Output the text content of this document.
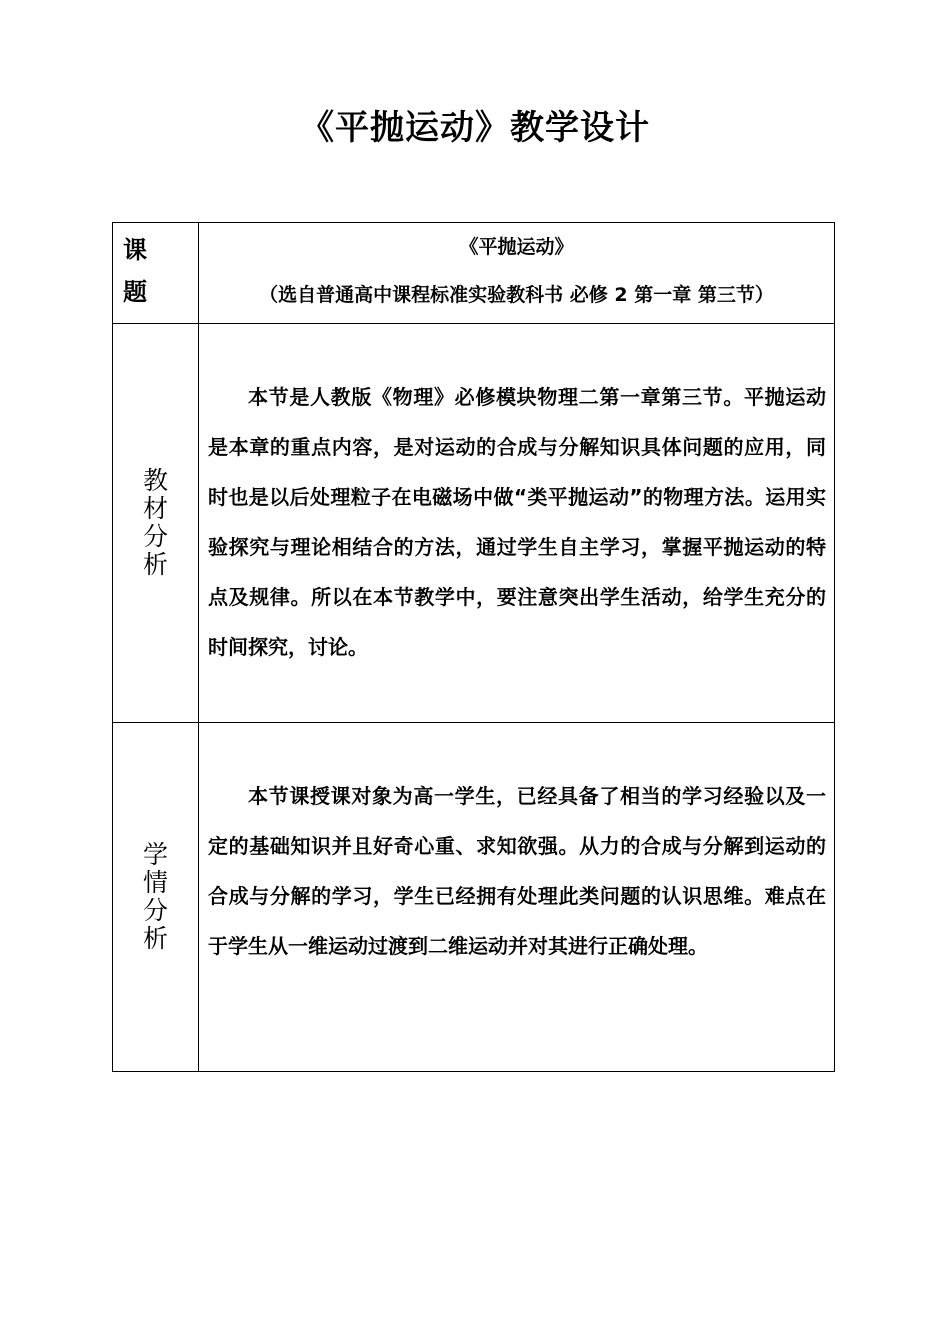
《平抛运动》教学设计
课题	《平抛运动》
（选自普通高中课程标准实验教科书 必修 2 第一章 第三节）

教材分析	本节是人教版《物理》必修模块物理二第一章第三节。平抛运动是本章的重点内容，是对运动的合成与分解知识具体问题的应用，同时也是以后处理粒子在电磁场中做“类平抛运动”的物理方法。运用实验探究与理论相结合的方法，通过学生自主学习，掌握平抛运动的特点及规律。所以在本节教学中，要注意突出学生活动，给学生充分的时间探究，讨论。

学情分析	本节课授课对象为高一学生，已经具备了相当的学习经验以及一定的基础知识并且好奇心重、求知欲强。从力的合成与分解到运动的合成与分解的学习，学生已经拥有处理此类问题的认识思维。难点在于学生从一维运动过渡到二维运动并对其进行正确处理。
